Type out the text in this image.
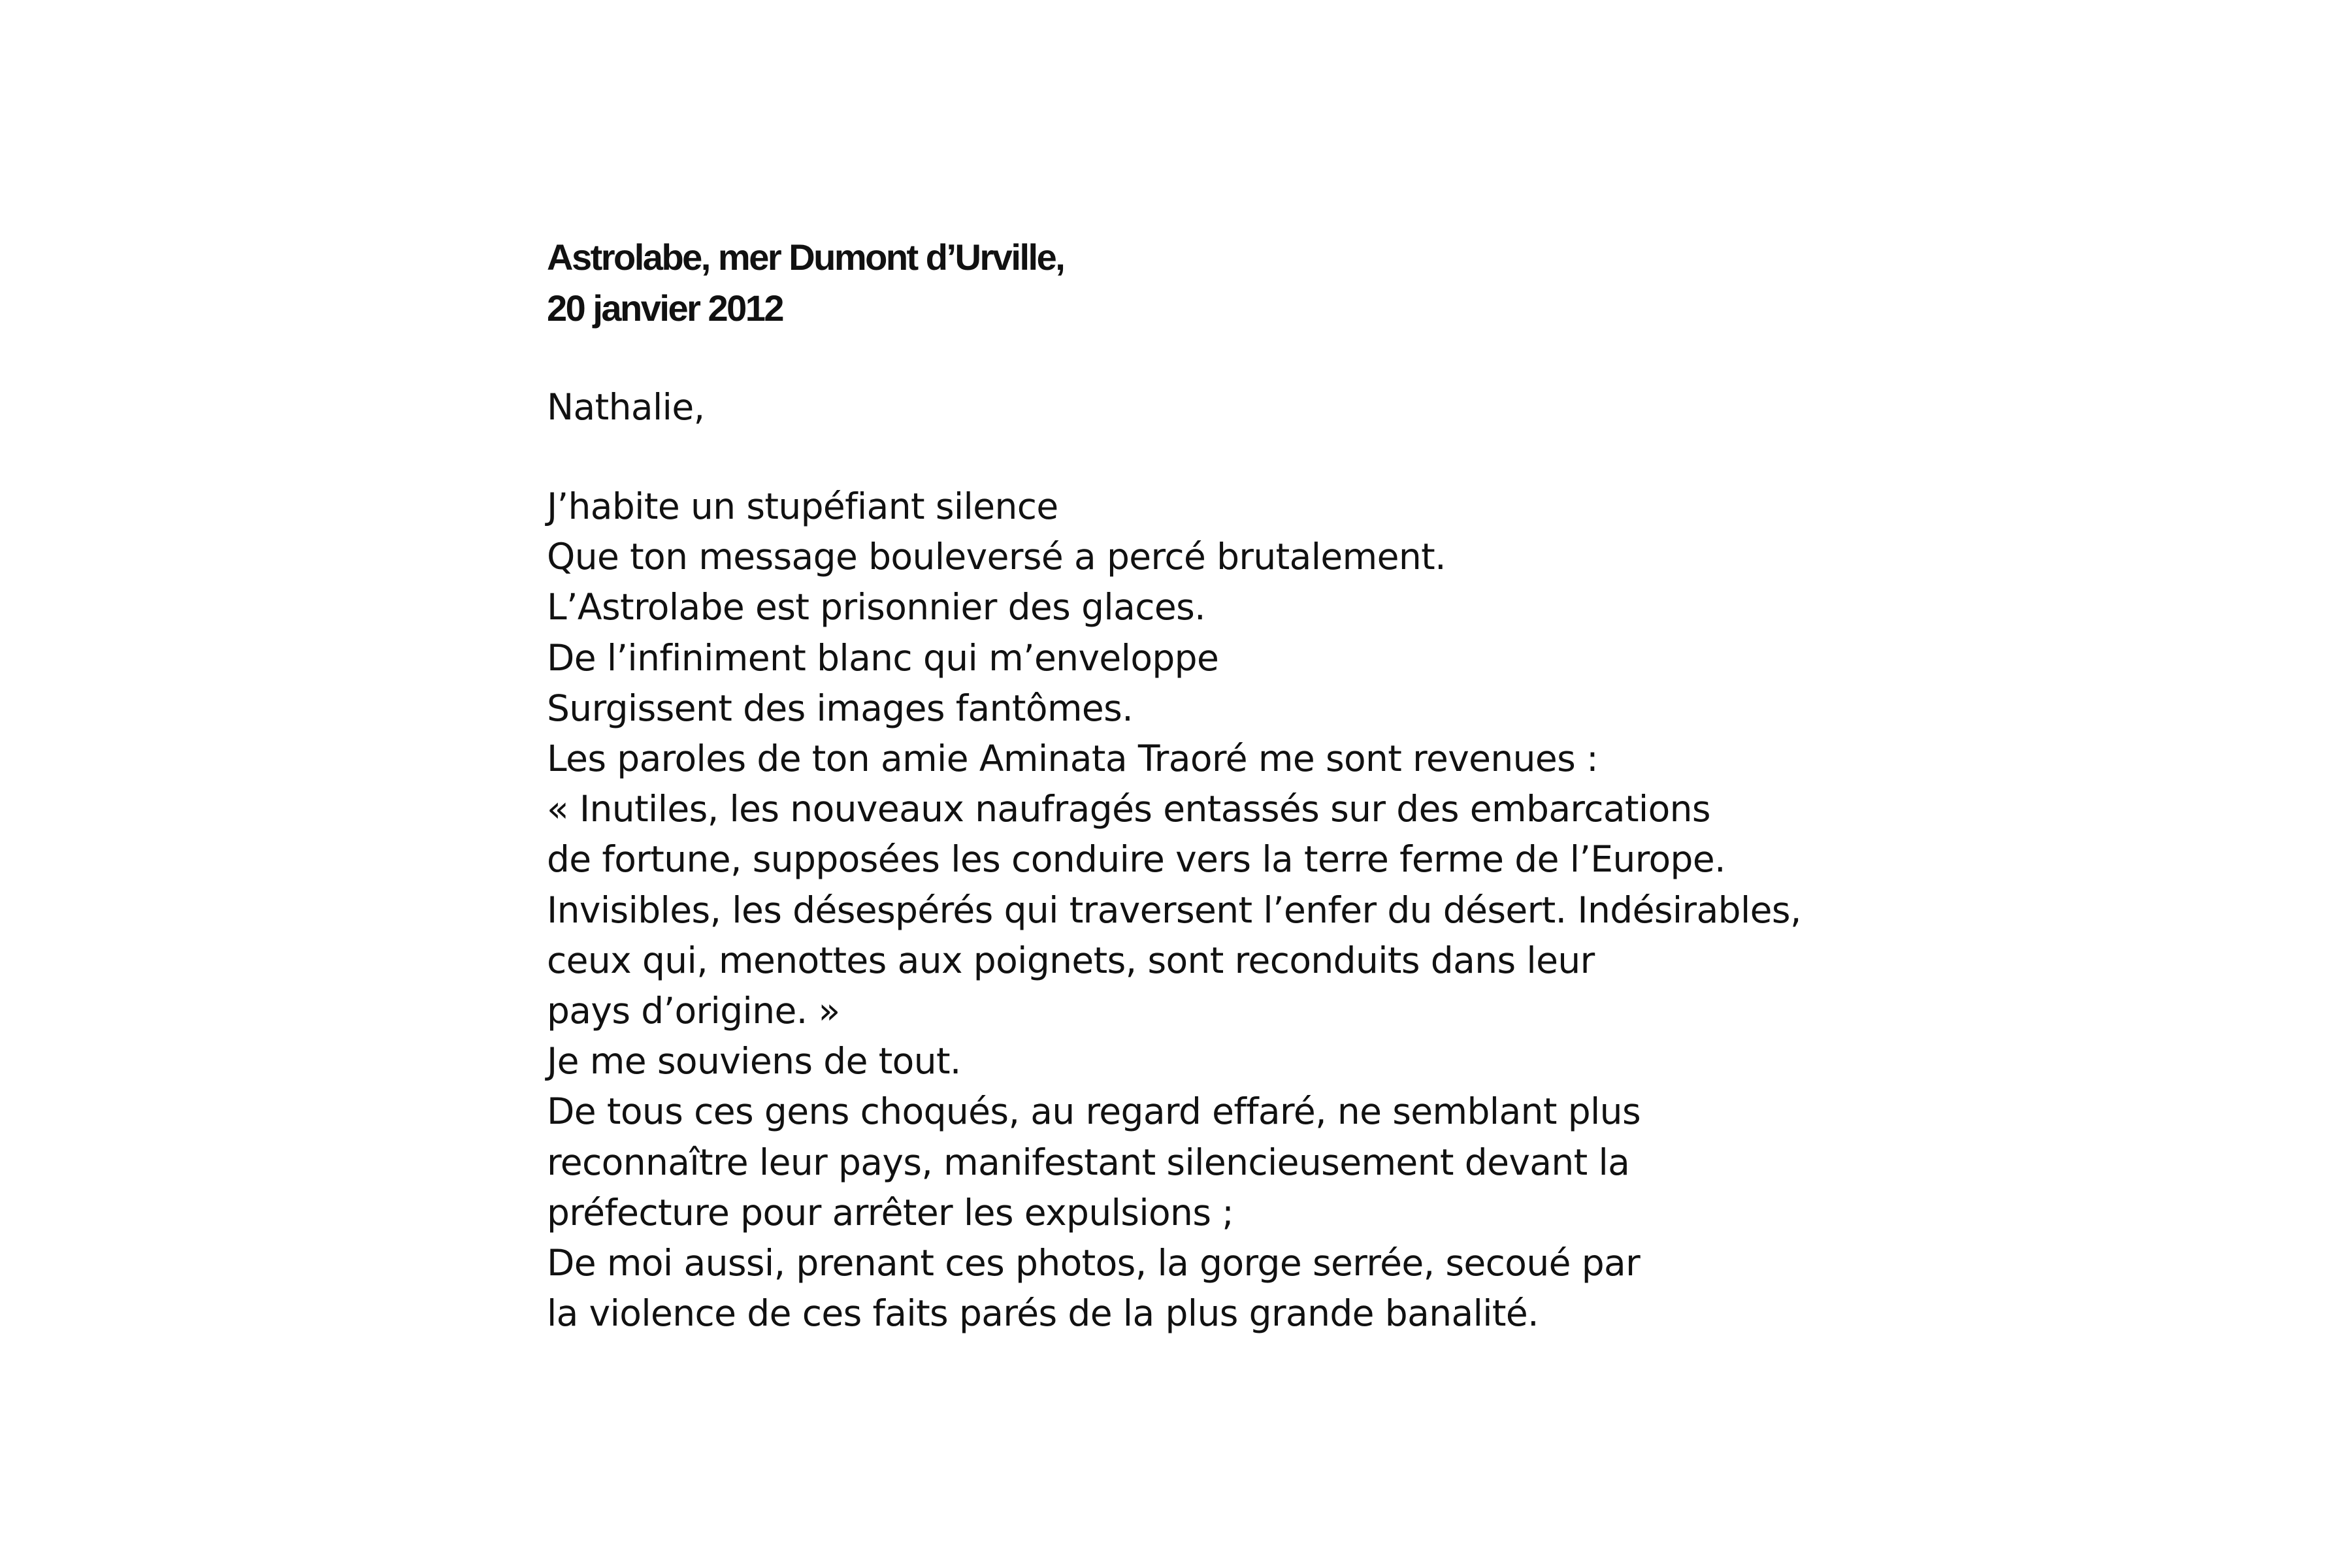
Astrolabe, mer Dumont d’Urville,
20 janvier 2012
Nathalie,
J’habite un stupéfiant silence
Que ton message bouleversé a percé brutalement.
L’Astrolabe est prisonnier des glaces.
De l’infiniment blanc qui m’enveloppe
Surgissent des images fantômes.
Les paroles de ton amie Aminata Traoré me sont revenues :
« Inutiles, les nouveaux naufragés entassés sur des embarcations
de fortune, supposées les conduire vers la terre ferme de l’Europe.
Invisibles, les désespérés qui traversent l’enfer du désert. Indésirables,
ceux qui, menottes aux poignets, sont reconduits dans leur
pays d’origine. »
Je me souviens de tout.
De tous ces gens choqués, au regard effaré, ne semblant plus
reconnaître leur pays, manifestant silencieusement devant la
préfecture pour arrêter les expulsions ;
De moi aussi, prenant ces photos, la gorge serrée, secoué par
la violence de ces faits parés de la plus grande banalité.
